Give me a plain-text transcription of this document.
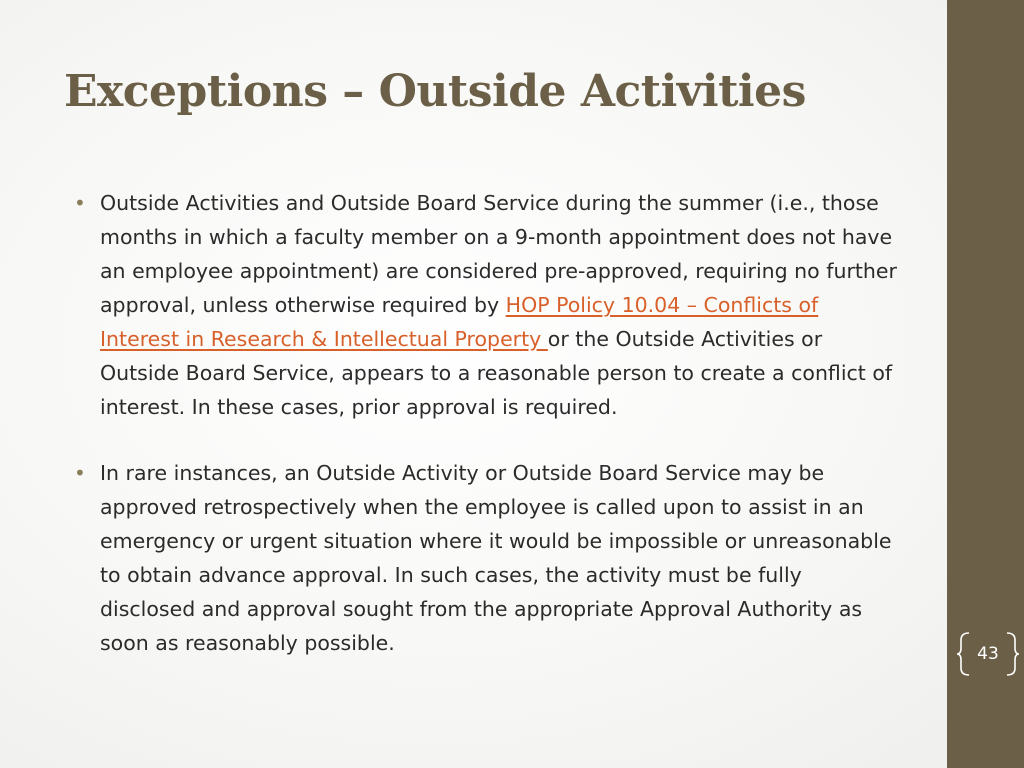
Exceptions – Outside Activities
• Outside Activities and Outside Board Service during the summer (i.e., those months in which a faculty member on a 9-month appointment does not have an employee appointment) are considered pre-approved, requiring no further approval, unless otherwise required by HOP Policy 10.04 – Conflicts of Interest in Research & Intellectual Property or the Outside Activities or Outside Board Service, appears to a reasonable person to create a conflict of interest. In these cases, prior approval is required.
• In rare instances, an Outside Activity or Outside Board Service may be approved retrospectively when the employee is called upon to assist in an emergency or urgent situation where it would be impossible or unreasonable to obtain advance approval. In such cases, the activity must be fully disclosed and approval sought from the appropriate Approval Authority as soon as reasonably possible.	43
